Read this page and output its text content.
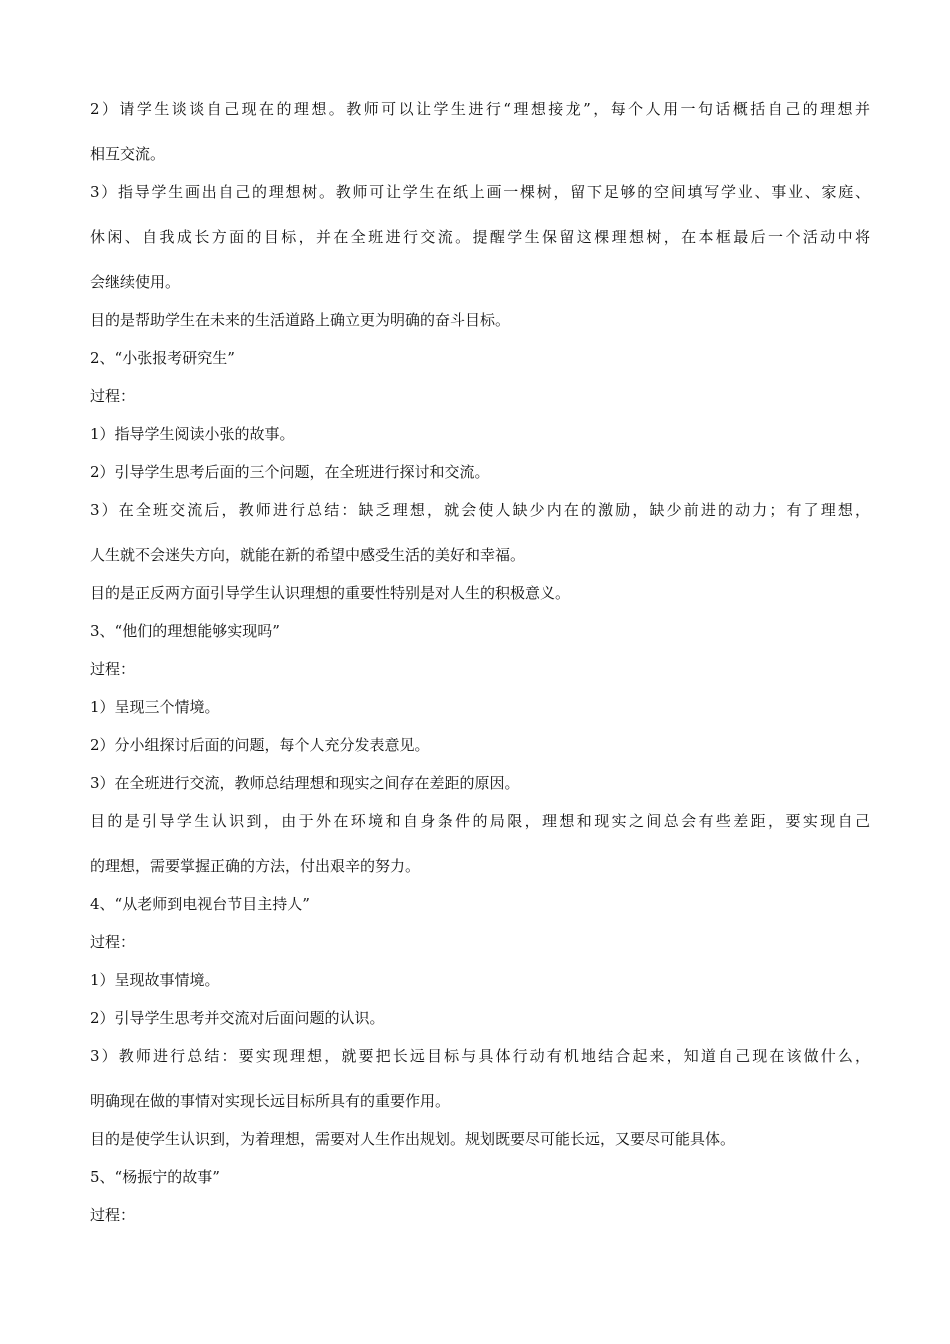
2）请学生谈谈自己现在的理想。教师可以让学生进行“理想接龙”，每个人用一句话概括自己的理想并

相互交流。

3）指导学生画出自己的理想树。教师可让学生在纸上画一棵树，留下足够的空间填写学业、事业、家庭、

休闲、自我成长方面的目标，并在全班进行交流。提醒学生保留这棵理想树，在本框最后一个活动中将

会继续使用。

目的是帮助学生在未来的生活道路上确立更为明确的奋斗目标。

2、“小张报考研究生”

过程：

1）指导学生阅读小张的故事。

2）引导学生思考后面的三个问题，在全班进行探讨和交流。

3）在全班交流后，教师进行总结：缺乏理想，就会使人缺少内在的激励，缺少前进的动力；有了理想，

人生就不会迷失方向，就能在新的希望中感受生活的美好和幸福。

目的是正反两方面引导学生认识理想的重要性特别是对人生的积极意义。

3、“他们的理想能够实现吗”

过程：

1）呈现三个情境。

2）分小组探讨后面的问题，每个人充分发表意见。

3）在全班进行交流，教师总结理想和现实之间存在差距的原因。

目的是引导学生认识到，由于外在环境和自身条件的局限，理想和现实之间总会有些差距，要实现自己

的理想，需要掌握正确的方法，付出艰辛的努力。

4、“从老师到电视台节目主持人”

过程：

1）呈现故事情境。

2）引导学生思考并交流对后面问题的认识。

3）教师进行总结：要实现理想，就要把长远目标与具体行动有机地结合起来，知道自己现在该做什么，

明确现在做的事情对实现长远目标所具有的重要作用。

目的是使学生认识到，为着理想，需要对人生作出规划。规划既要尽可能长远，又要尽可能具体。

5、“杨振宁的故事”

过程：
